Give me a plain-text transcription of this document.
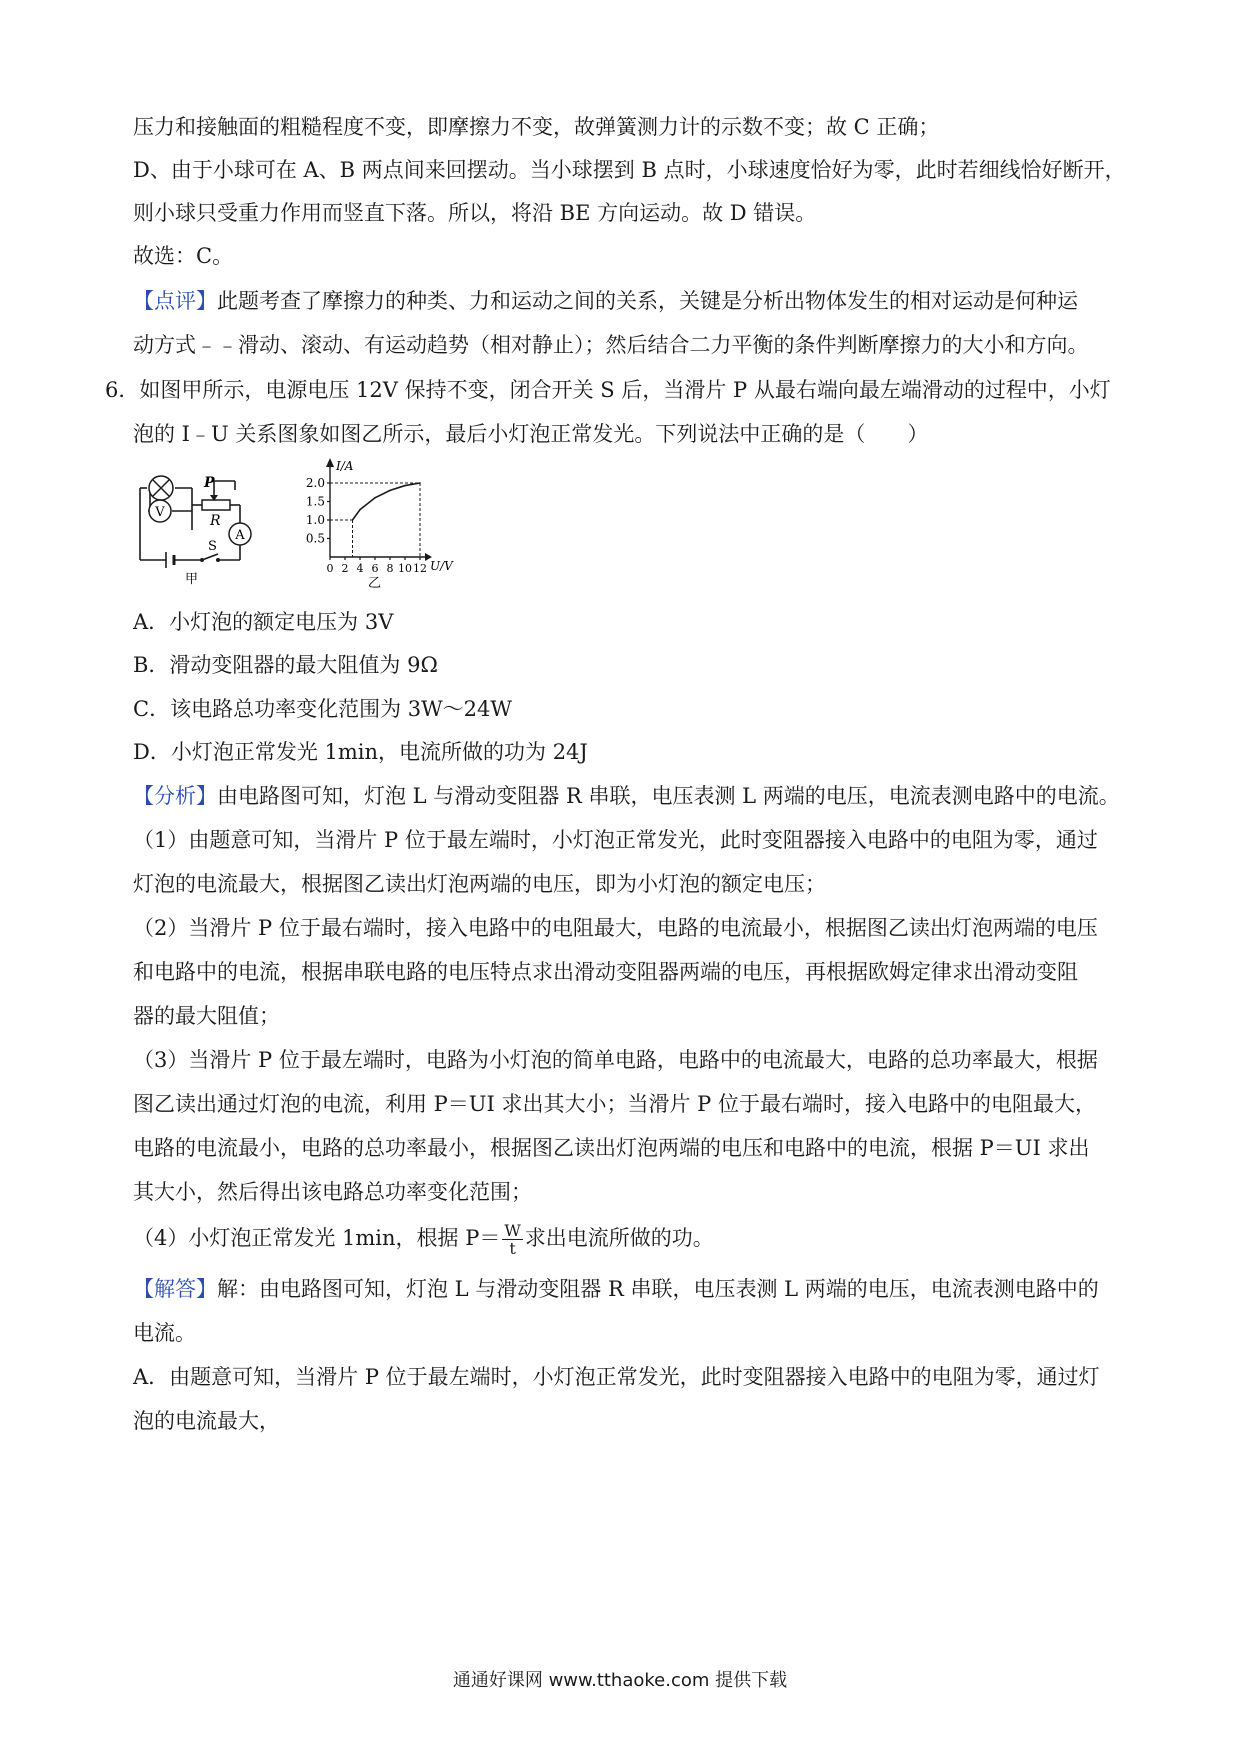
压力和接触面的粗糙程度不变，即摩擦力不变，故弹簧测力计的示数不变；故 C 正确；
D、由于小球可在 A、B 两点间来回摆动。当小球摆到 B 点时，小球速度恰好为零，此时若细线恰好断开，
则小球只受重力作用而竖直下落。所以，将沿 BE 方向运动。故 D 错误。
故选：C。
【点评】此题考查了摩擦力的种类、力和运动之间的关系，关键是分析出物体发生的相对运动是何种运
动方式﹣﹣滑动、滚动、有运动趋势（相对静止）；然后结合二力平衡的条件判断摩擦力的大小和方向。
6．如图甲所示，电源电压 12V 保持不变，闭合开关 S 后，当滑片 P 从最右端向最左端滑动的过程中，小灯
泡的 I﹣U 关系图象如图乙所示，最后小灯泡正常发光。下列说法中正确的是（　　）
V
P
R
A
S
甲
I/A
U/V
0.5
1.0
1.5
2.0
0 2 4 6 8 10 12
乙
A．小灯泡的额定电压为 3V
B．滑动变阻器的最大阻值为 9Ω
C．该电路总功率变化范围为 3W～24W
D．小灯泡正常发光 1min，电流所做的功为 24J
【分析】由电路图可知，灯泡 L 与滑动变阻器 R 串联，电压表测 L 两端的电压，电流表测电路中的电流。
（1）由题意可知，当滑片 P 位于最左端时，小灯泡正常发光，此时变阻器接入电路中的电阻为零，通过
灯泡的电流最大，根据图乙读出灯泡两端的电压，即为小灯泡的额定电压；
（2）当滑片 P 位于最右端时，接入电路中的电阻最大，电路的电流最小，根据图乙读出灯泡两端的电压
和电路中的电流，根据串联电路的电压特点求出滑动变阻器两端的电压，再根据欧姆定律求出滑动变阻
器的最大阻值；
（3）当滑片 P 位于最左端时，电路为小灯泡的简单电路，电路中的电流最大，电路的总功率最大，根据
图乙读出通过灯泡的电流，利用 P＝UI 求出其大小；当滑片 P 位于最右端时，接入电路中的电阻最大，
电路的电流最小，电路的总功率最小，根据图乙读出灯泡两端的电压和电路中的电流，根据 P＝UI 求出
其大小，然后得出该电路总功率变化范围；
（4）小灯泡正常发光 1min，根据 $P= \frac{W}{t}$ 求出电流所做的功。
【解答】解：由电路图可知，灯泡 L 与滑动变阻器 R 串联，电压表测 L 两端的电压，电流表测电路中的
电流。
A．由题意可知，当滑片 P 位于最左端时，小灯泡正常发光，此时变阻器接入电路中的电阻为零，通过灯
泡的电流最大，
通通好课网 www.tthaoke.com 提供下载
